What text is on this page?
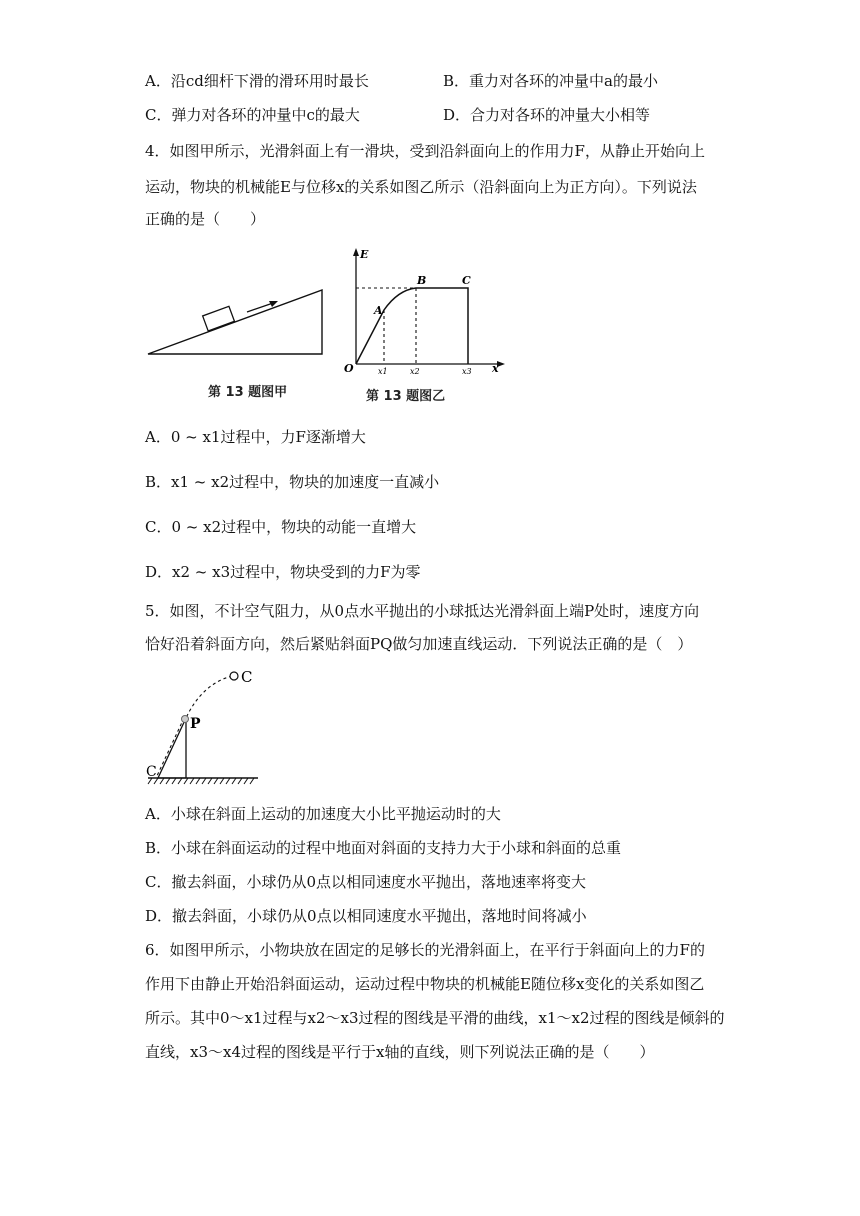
A．沿cd细杆下滑的滑环用时最长	B．重力对各环的冲量中a的最小
C．弹力对各环的冲量中c的最大	D．合力对各环的冲量大小相等
4．如图甲所示，光滑斜面上有一滑块，受到沿斜面向上的作用力F，从静止开始向上
运动，物块的机械能E与位移x的关系如图乙所示（沿斜面向上为正方向）。下列说法
正确的是（　　）
第 13 题图甲
E
x
O
A
B	C
x1	x2	x3
第 13 题图乙
A．0 ~ x1过程中，力F逐渐增大
B．x1 ~ x2过程中，物块的加速度一直减小
C．0 ~ x2过程中，物块的动能一直增大
D．x2 ~ x3过程中，物块受到的力F为零
5．如图，不计空气阻力，从0点水平抛出的小球抵达光滑斜面上端P处时，速度方向
恰好沿着斜面方向，然后紧贴斜面PQ做匀加速直线运动．下列说法正确的是（　）
C
P
C
A．小球在斜面上运动的加速度大小比平抛运动时的大
B．小球在斜面运动的过程中地面对斜面的支持力大于小球和斜面的总重
C．撤去斜面，小球仍从0点以相同速度水平抛出，落地速率将变大
D．撤去斜面，小球仍从0点以相同速度水平抛出，落地时间将减小
6．如图甲所示，小物块放在固定的足够长的光滑斜面上，在平行于斜面向上的力F的
作用下由静止开始沿斜面运动，运动过程中物块的机械能E随位移x变化的关系如图乙
所示。其中0～x1过程与x2～x3过程的图线是平滑的曲线，x1～x2过程的图线是倾斜的
直线，x3～x4过程的图线是平行于x轴的直线，则下列说法正确的是（　　）
